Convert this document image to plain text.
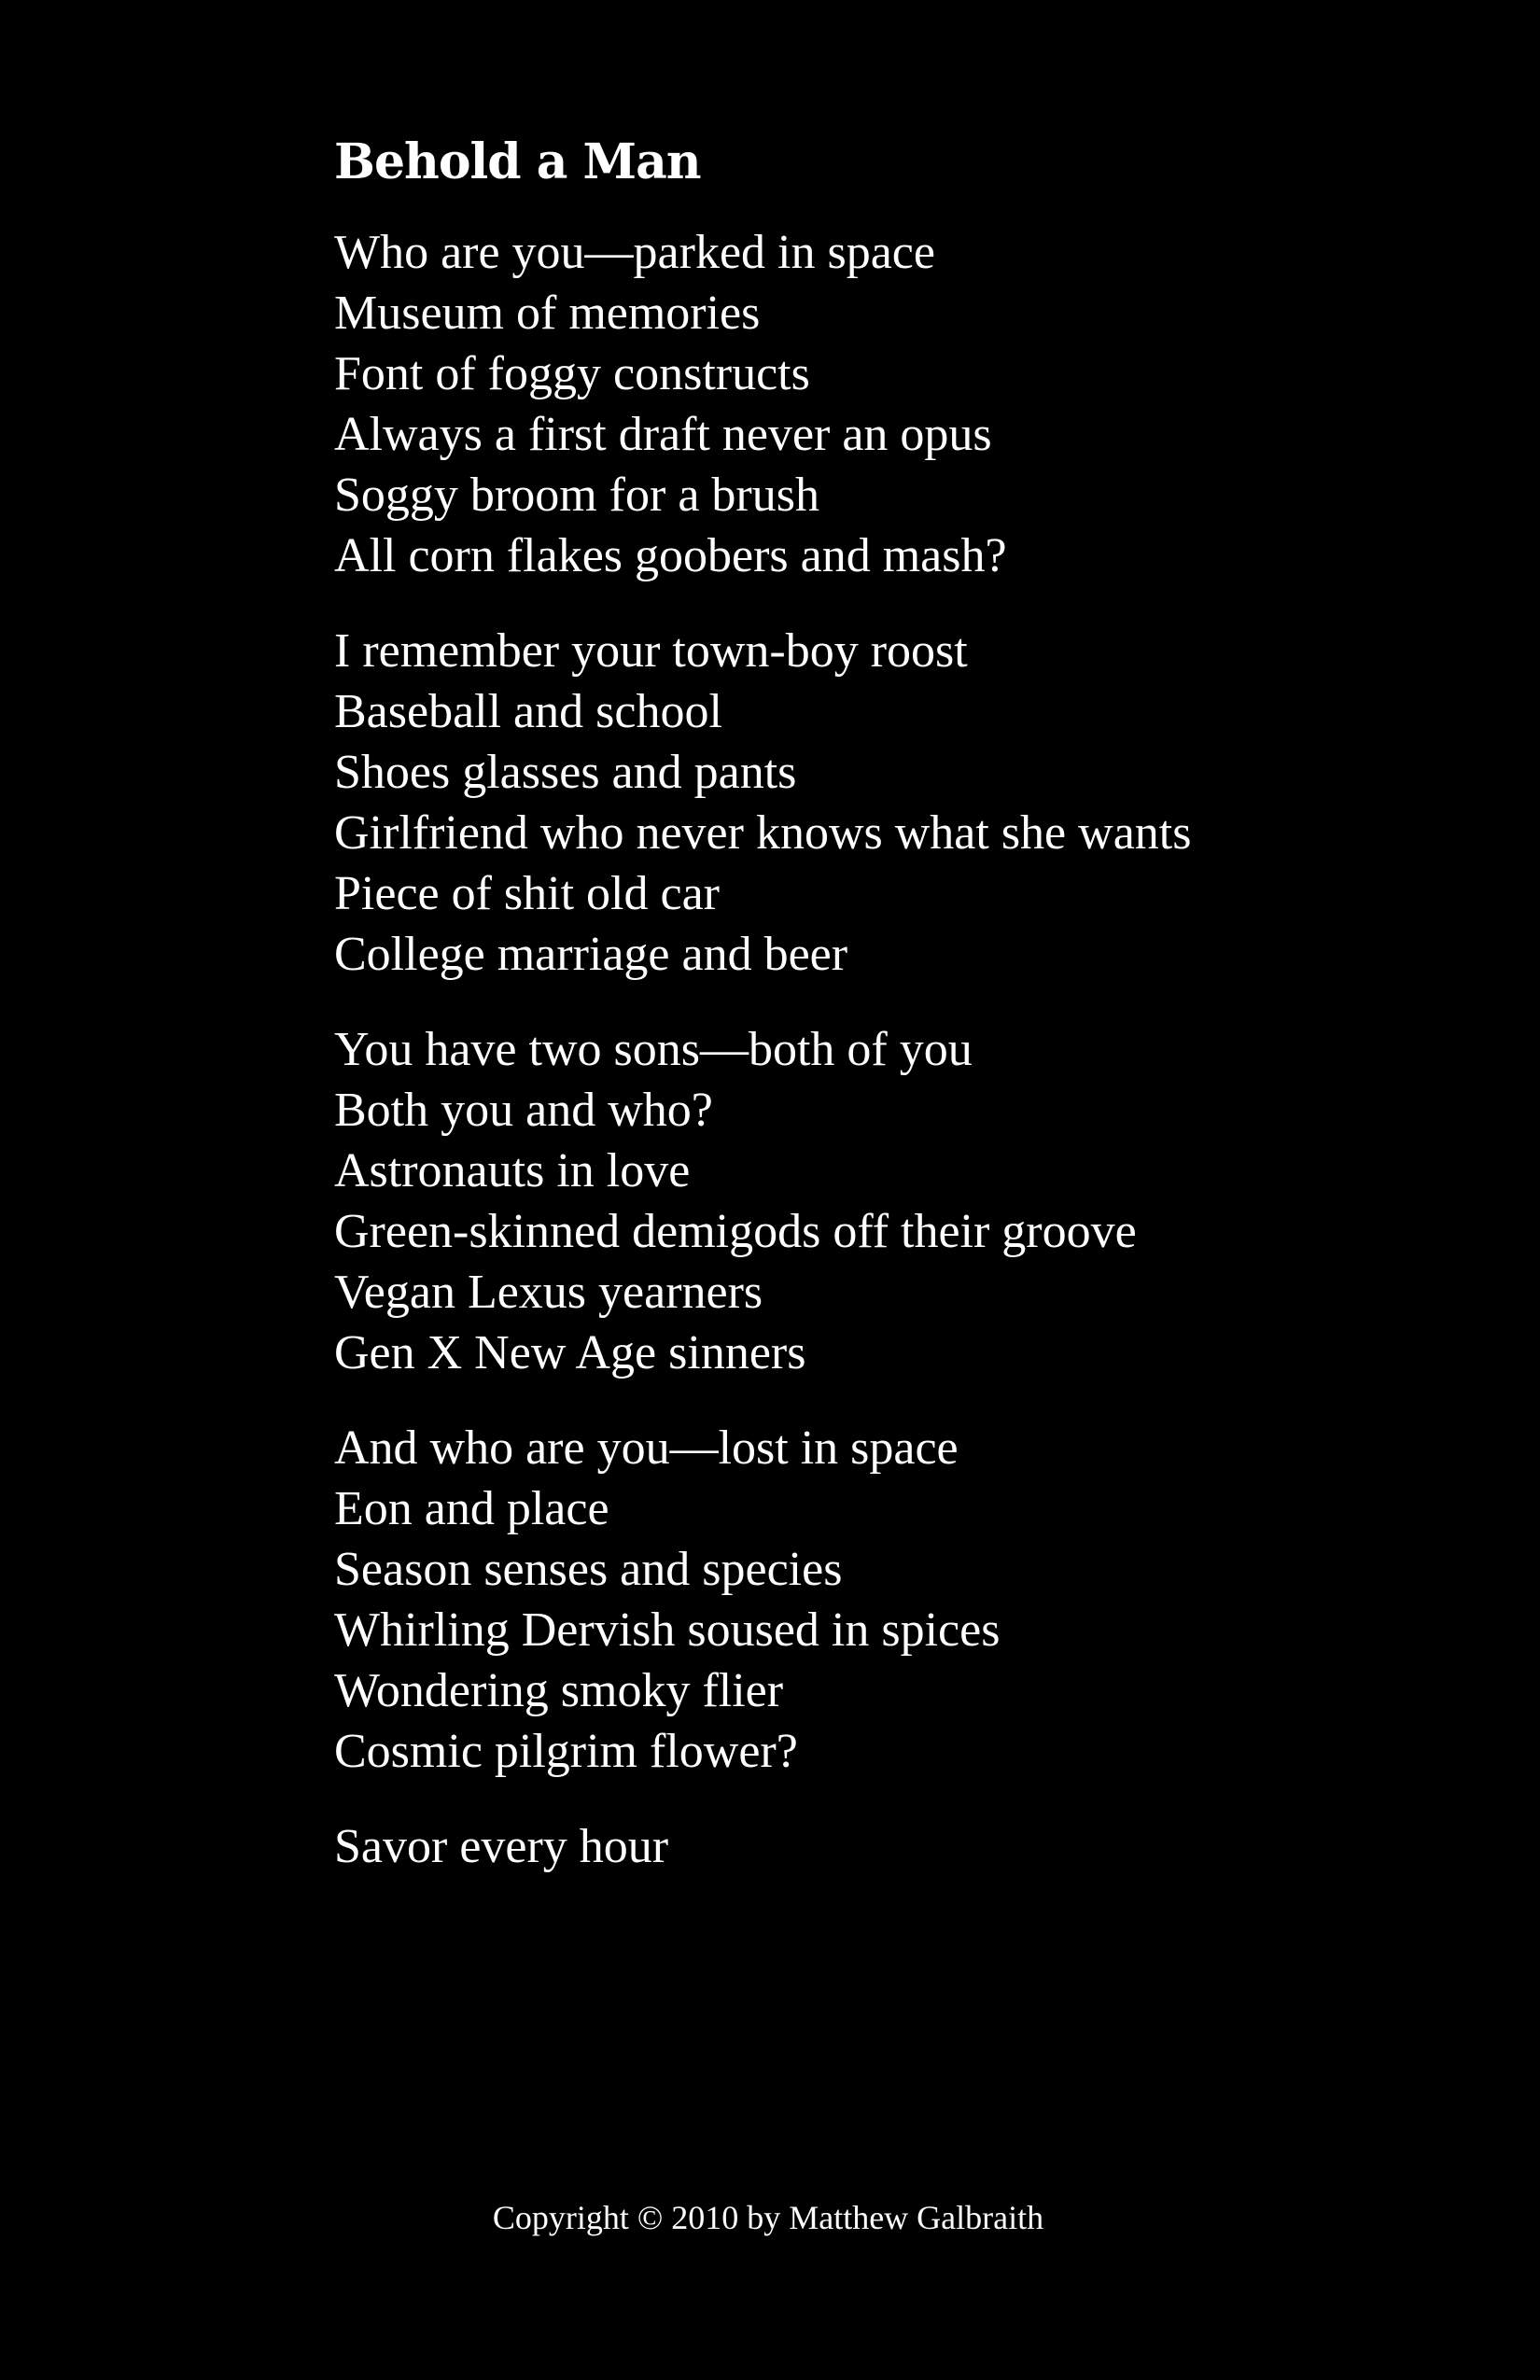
Behold a Man
Who are you—parked in space
Museum of memories
Font of foggy constructs
Always a first draft never an opus
Soggy broom for a brush
All corn flakes goobers and mash?
I remember your town-boy roost
Baseball and school
Shoes glasses and pants
Girlfriend who never knows what she wants
Piece of shit old car
College marriage and beer
You have two sons—both of you
Both you and who?
Astronauts in love
Green-skinned demigods off their groove
Vegan Lexus yearners
Gen X New Age sinners
And who are you—lost in space
Eon and place
Season senses and species
Whirling Dervish soused in spices
Wondering smoky flier
Cosmic pilgrim flower?
Savor every hour
Copyright © 2010 by Matthew Galbraith
